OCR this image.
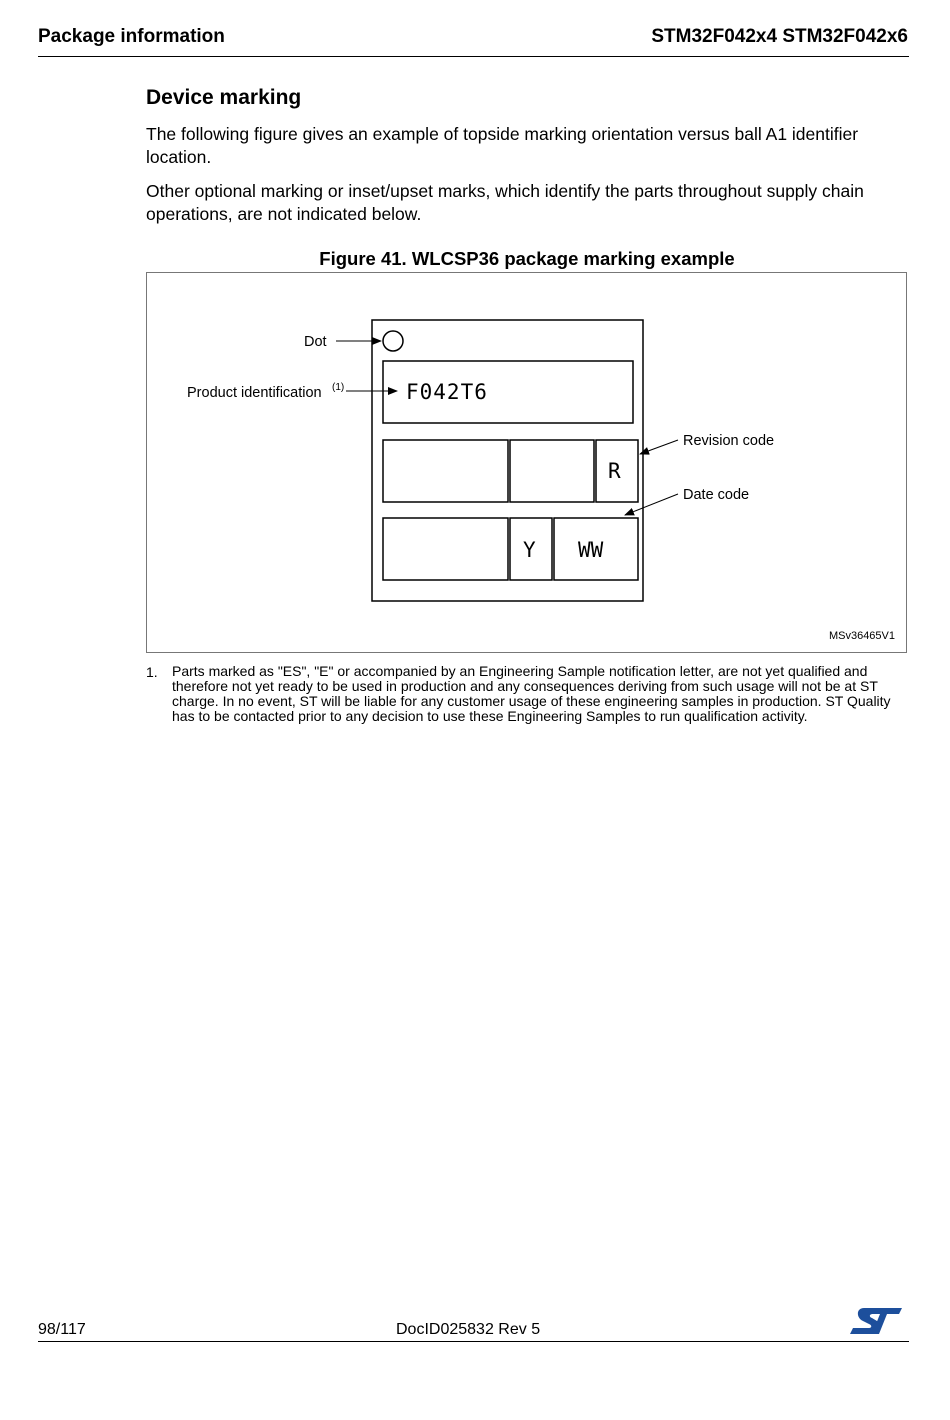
Package information	STM32F042x4 STM32F042x6
Device marking
The following figure gives an example of topside marking orientation versus ball A1 identifier location.
Other optional marking or inset/upset marks, which identify the parts throughout supply chain operations, are not indicated below.
Figure 41. WLCSP36 package marking example
F042T6
R
Y WW
Dot
Product identification (1)
Revision code
Date code
MSv36465V1
1. Parts marked as "ES", "E" or accompanied by an Engineering Sample notification letter, are not yet qualified and therefore not yet ready to be used in production and any consequences deriving from such usage will not be at ST charge. In no event, ST will be liable for any customer usage of these engineering samples in production. ST Quality has to be contacted prior to any decision to use these Engineering Samples to run qualification activity.
98/117	DocID025832 Rev 5
